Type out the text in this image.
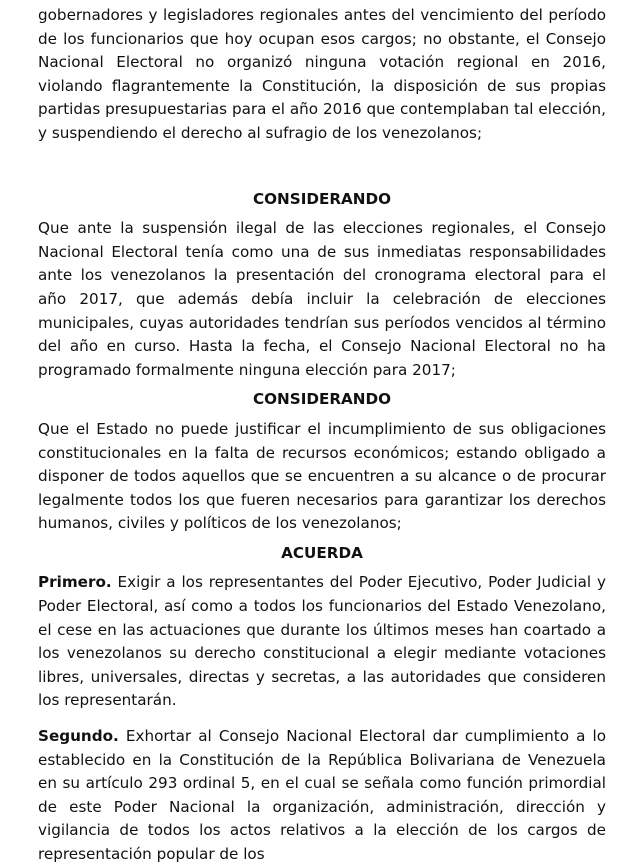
gobernadores y legisladores regionales antes del vencimiento del período de los funcionarios que hoy ocupan esos cargos; no obstante, el Consejo Nacional Electoral no organizó ninguna votación regional en 2016, violando flagrantemente la Constitución, la disposición de sus propias partidas presupuestarias para el año 2016 que contemplaban tal elección, y suspendiendo el derecho al sufragio de los venezolanos;

CONSIDERANDO

Que ante la suspensión ilegal de las elecciones regionales, el Consejo Nacional Electoral tenía como una de sus inmediatas responsabilidades ante los venezolanos la presentación del cronograma electoral para el año 2017, que además debía incluir la celebración de elecciones municipales, cuyas autoridades tendrían sus períodos vencidos al término del año en curso. Hasta la fecha, el Consejo Nacional Electoral no ha programado formalmente ninguna elección para 2017;

CONSIDERANDO

Que el Estado no puede justificar el incumplimiento de sus obligaciones constitucionales en la falta de recursos económicos; estando obligado a disponer de todos aquellos que se encuentren a su alcance o de procurar legalmente todos los que fueren necesarios para garantizar los derechos humanos, civiles y políticos de los venezolanos;

ACUERDA

Primero. Exigir a los representantes del Poder Ejecutivo, Poder Judicial y Poder Electoral, así como a todos los funcionarios del Estado Venezolano, el cese en las actuaciones que durante los últimos meses han coartado a los venezolanos su derecho constitucional a elegir mediante votaciones libres, universales, directas y secretas, a las autoridades que consideren los representarán.

Segundo. Exhortar al Consejo Nacional Electoral dar cumplimiento a lo establecido en la Constitución de la República Bolivariana de Venezuela en su artículo 293 ordinal 5, en el cual se señala como función primordial de este Poder Nacional la organización, administración, dirección y vigilancia de todos los actos relativos a la elección de los cargos de representación popular de los
